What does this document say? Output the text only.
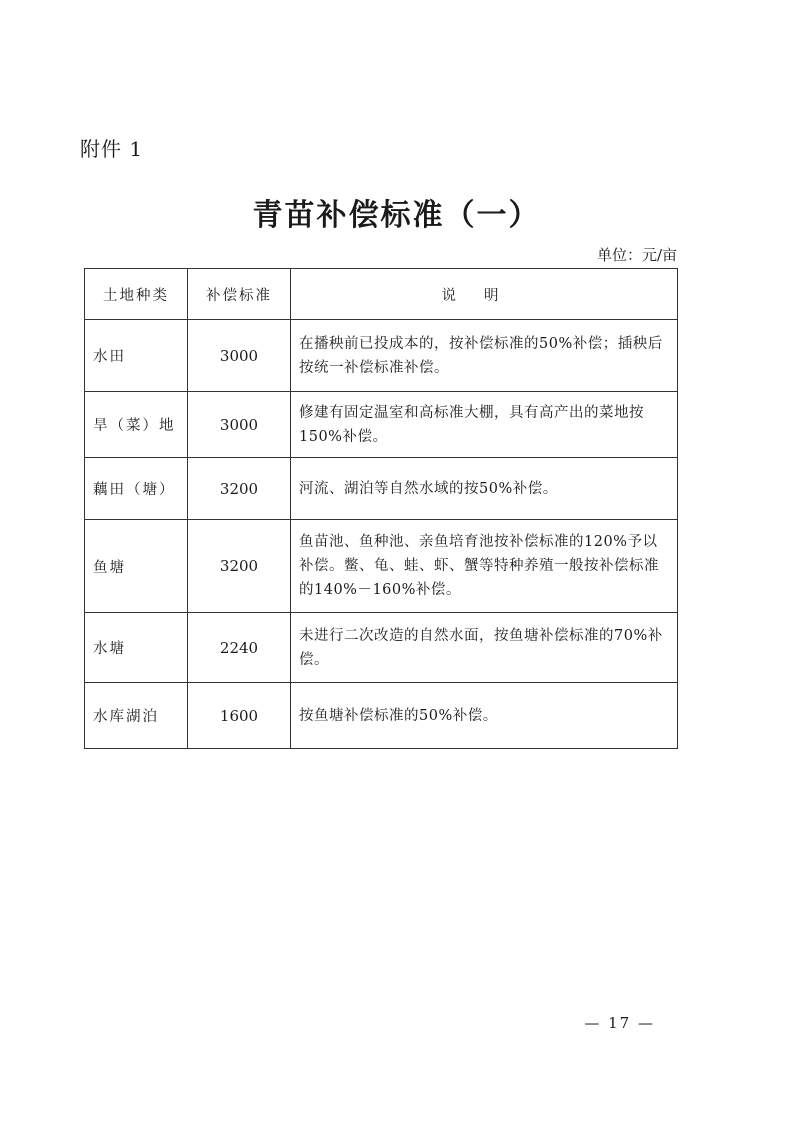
附件 1
青苗补偿标准（一）
单位：元/亩
土地种类	补偿标准	说明
水田	3000	在播秧前已投成本的，按补偿标准的50%补偿；插秧后按统一补偿标准补偿。
旱（菜）地	3000	修建有固定温室和高标准大棚，具有高产出的菜地按150%补偿。
藕田（塘）	3200	河流、湖泊等自然水域的按50%补偿。
鱼塘	3200	鱼苗池、鱼种池、亲鱼培育池按补偿标准的120%予以补偿。鳖、龟、蛙、虾、蟹等特种养殖一般按补偿标准的140%－160%补偿。
水塘	2240	未进行二次改造的自然水面，按鱼塘补偿标准的70%补偿。
水库湖泊	1600	按鱼塘补偿标准的50%补偿。
— 17 —
